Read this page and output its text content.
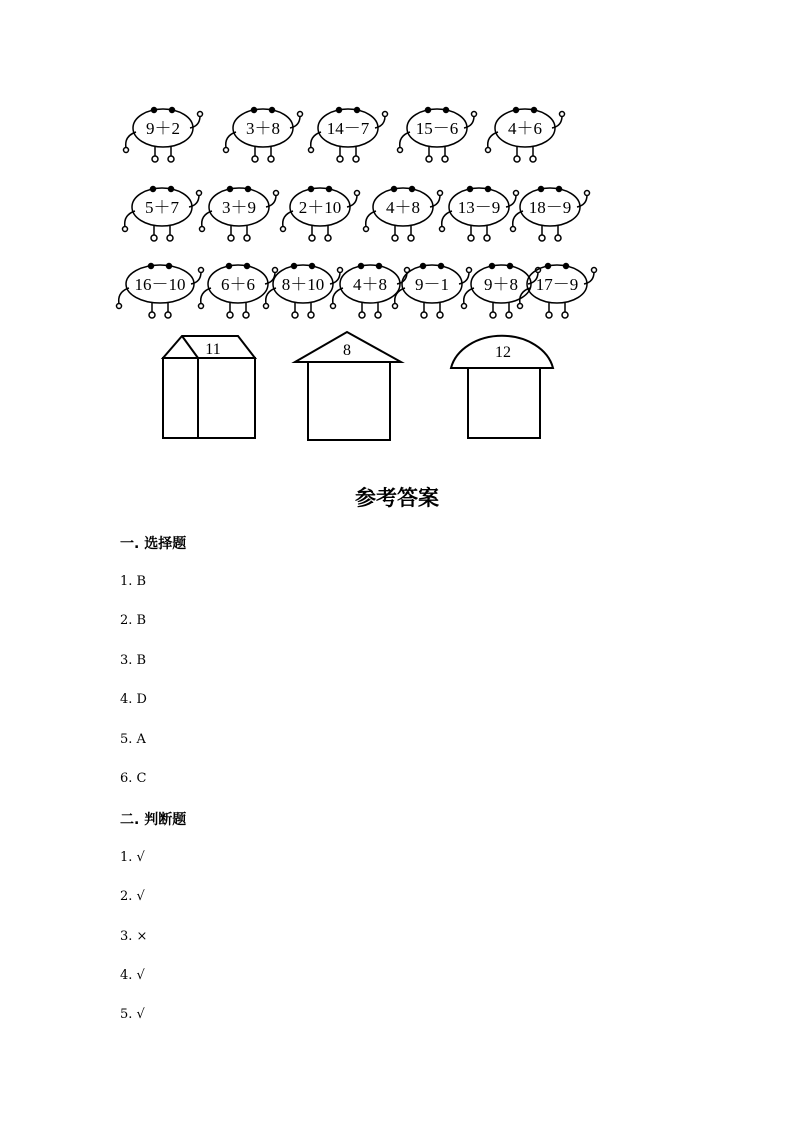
9＋2	3＋8	14－7	15－6	4＋6
5＋7	3＋9	2＋10	4＋8 13－9 18－9
16－10 6＋6 8＋10 4＋8 9－1 9＋8 17－9
11	8	12
参考答案
一. 选择题
1. B
2. B
3. B
4. D
5. A
6. C
二. 判断题
1. √
2. √
3. ×
4. √
5. √
